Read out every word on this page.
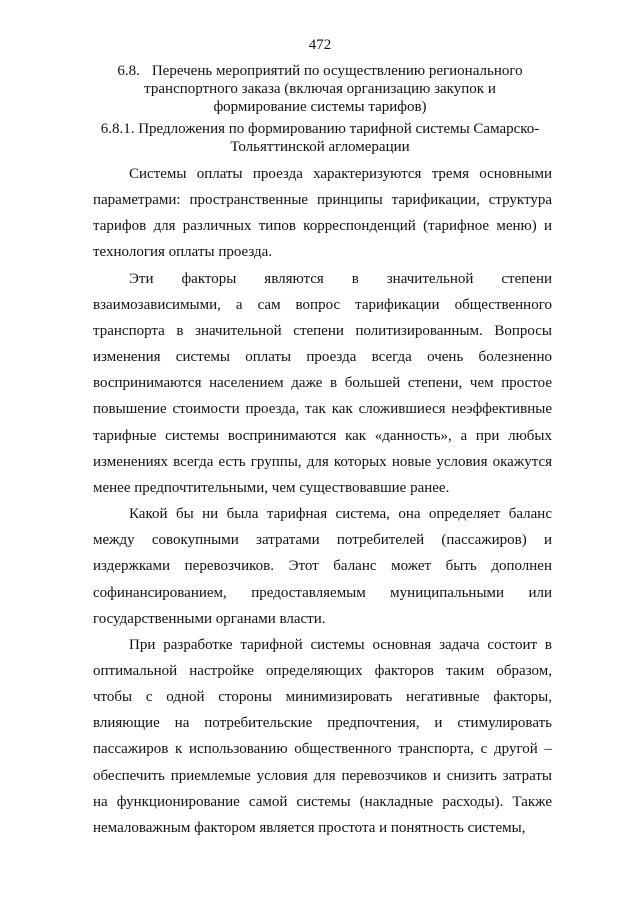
472
6.8. Перечень мероприятий по осуществлению регионального транспортного заказа (включая организацию закупок и формирование системы тарифов)
6.8.1. Предложения по формированию тарифной системы Самарско-Тольяттинской агломерации

Системы оплаты проезда характеризуются тремя основными параметрами: пространственные принципы тарификации, структура тарифов для различных типов корреспонденций (тарифное меню) и технология оплаты проезда.

Эти факторы являются в значительной степени взаимозависимыми, а сам вопрос тарификации общественного транспорта в значительной степени политизированным. Вопросы изменения системы оплаты проезда всегда очень болезненно воспринимаются населением даже в большей степени, чем простое повышение стоимости проезда, так как сложившиеся неэффективные тарифные системы воспринимаются как «данность», а при любых изменениях всегда есть группы, для которых новые условия окажутся менее предпочтительными, чем существовавшие ранее.

Какой бы ни была тарифная система, она определяет баланс между совокупными затратами потребителей (пассажиров) и издержками перевозчиков. Этот баланс может быть дополнен софинансированием, предоставляемым муниципальными или государственными органами власти.

При разработке тарифной системы основная задача состоит в оптимальной настройке определяющих факторов таким образом, чтобы с одной стороны минимизировать негативные факторы, влияющие на потребительские предпочтения, и стимулировать пассажиров к использованию общественного транспорта, с другой – обеспечить приемлемые условия для перевозчиков и снизить затраты на функционирование самой системы (накладные расходы). Также немаловажным фактором является простота и понятность системы,
